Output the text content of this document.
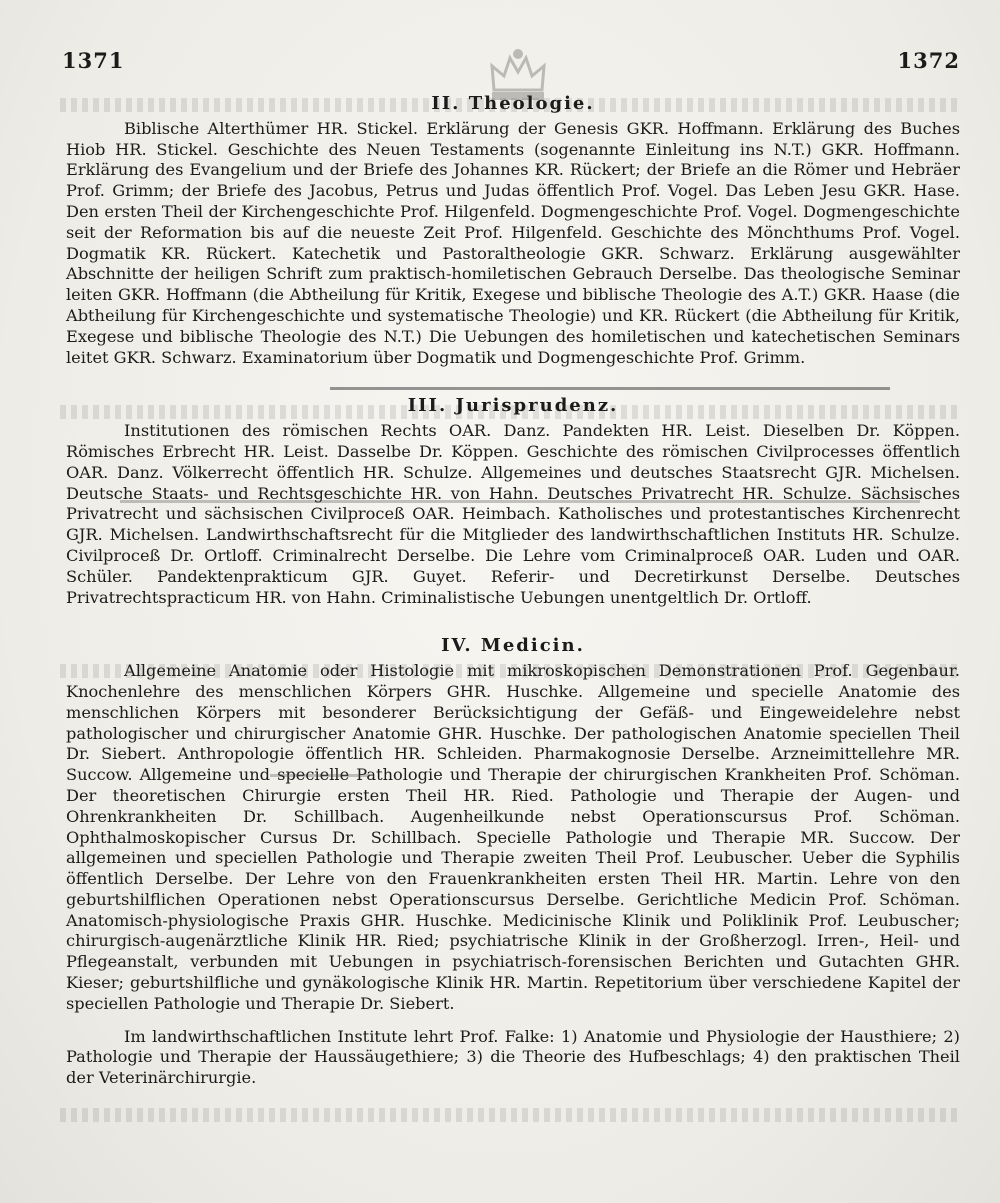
1371	1372
II. Theologie.

Biblische Alterthümer HR. Stickel. Erklärung der Genesis GKR. Hoffmann. Erklärung des Buches Hiob HR. Stickel. Geschichte des Neuen Testaments (sogenannte Einleitung ins N.T.) GKR. Hoffmann. Erklärung des Evangelium und der Briefe des Johannes KR. Rückert; der Briefe an die Römer und Hebräer Prof. Grimm; der Briefe des Jacobus, Petrus und Judas öffentlich Prof. Vogel. Das Leben Jesu GKR. Hase. Den ersten Theil der Kirchengeschichte Prof. Hilgenfeld. Dogmengeschichte Prof. Vogel. Dogmengeschichte seit der Reformation bis auf die neueste Zeit Prof. Hilgenfeld. Geschichte des Mönchthums Prof. Vogel. Dogmatik KR. Rückert. Katechetik und Pastoraltheologie GKR. Schwarz. Erklärung ausgewählter Abschnitte der heiligen Schrift zum praktisch-homiletischen Gebrauch Derselbe. Das theologische Seminar leiten GKR. Hoffmann (die Abtheilung für Kritik, Exegese und biblische Theologie des A.T.) GKR. Haase (die Abtheilung für Kirchengeschichte und systematische Theologie) und KR. Rückert (die Abtheilung für Kritik, Exegese und biblische Theologie des N.T.) Die Uebungen des homiletischen und katechetischen Seminars leitet GKR. Schwarz. Examinatorium über Dogmatik und Dogmengeschichte Prof. Grimm.

III. Jurisprudenz.

Institutionen des römischen Rechts OAR. Danz. Pandekten HR. Leist. Dieselben Dr. Köppen. Römisches Erbrecht HR. Leist. Dasselbe Dr. Köppen. Geschichte des römischen Civilprocesses öffentlich OAR. Danz. Völkerrecht öffentlich HR. Schulze. Allgemeines und deutsches Staatsrecht GJR. Michelsen. Deutsche Staats- und Rechtsgeschichte HR. von Hahn. Deutsches Privatrecht HR. Schulze. Sächsisches Privatrecht und sächsischen Civilproceß OAR. Heimbach. Katholisches und protestantisches Kirchenrecht GJR. Michelsen. Landwirthschaftsrecht für die Mitglieder des landwirthschaftlichen Instituts HR. Schulze. Civilproceß Dr. Ortloff. Criminalrecht Derselbe. Die Lehre vom Criminalproceß OAR. Luden und OAR. Schüler. Pandektenprakticum GJR. Guyet. Referir- und Decretirkunst Derselbe. Deutsches Privatrechtspracticum HR. von Hahn. Criminalistische Uebungen unentgeltlich Dr. Ortloff.

IV. Medicin.

Allgemeine Anatomie oder Histologie mit mikroskopischen Demonstrationen Prof. Gegenbaur. Knochenlehre des menschlichen Körpers GHR. Huschke. Allgemeine und specielle Anatomie des menschlichen Körpers mit besonderer Berücksichtigung der Gefäß- und Eingeweidelehre nebst pathologischer und chirurgischer Anatomie GHR. Huschke. Der pathologischen Anatomie speciellen Theil Dr. Siebert. Anthropologie öffentlich HR. Schleiden. Pharmakognosie Derselbe. Arzneimittellehre MR. Succow. Allgemeine und specielle Pathologie und Therapie der chirurgischen Krankheiten Prof. Schöman. Der theoretischen Chirurgie ersten Theil HR. Ried. Pathologie und Therapie der Augen- und Ohrenkrankheiten Dr. Schillbach. Augenheilkunde nebst Operationscursus Prof. Schöman. Ophthalmoskopischer Cursus Dr. Schillbach. Specielle Pathologie und Therapie MR. Succow. Der allgemeinen und speciellen Pathologie und Therapie zweiten Theil Prof. Leubuscher. Ueber die Syphilis öffentlich Derselbe. Der Lehre von den Frauenkrankheiten ersten Theil HR. Martin. Lehre von den geburtshilflichen Operationen nebst Operationscursus Derselbe. Gerichtliche Medicin Prof. Schöman. Anatomisch-physiologische Praxis GHR. Huschke. Medicinische Klinik und Poliklinik Prof. Leubuscher; chirurgisch-augenärztliche Klinik HR. Ried; psychiatrische Klinik in der Großherzogl. Irren-, Heil- und Pflegeanstalt, verbunden mit Uebungen in psychiatrisch-forensischen Berichten und Gutachten GHR. Kieser; geburtshilfliche und gynäkologische Klinik HR. Martin. Repetitorium über verschiedene Kapitel der speciellen Pathologie und Therapie Dr. Siebert.

Im landwirthschaftlichen Institute lehrt Prof. Falke: 1) Anatomie und Physiologie der Hausthiere; 2) Pathologie und Therapie der Haussäugethiere; 3) die Theorie des Hufbeschlags; 4) den praktischen Theil der Veterinärchirurgie.
